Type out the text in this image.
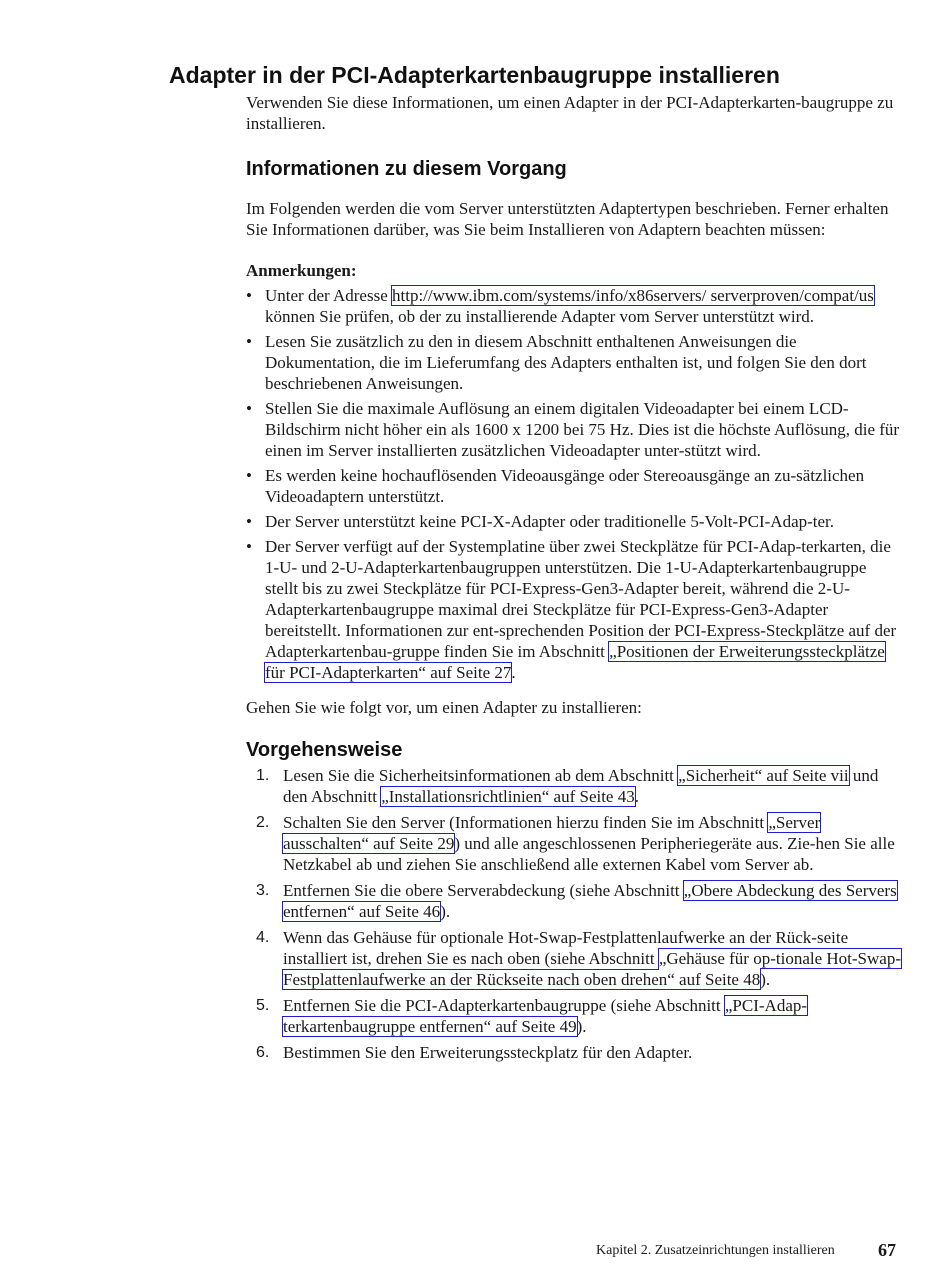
Adapter in der PCI-Adapterkartenbaugruppe installieren

Verwenden Sie diese Informationen, um einen Adapter in der PCI-Adapterkarten-baugruppe zu installieren.

Informationen zu diesem Vorgang

Im Folgenden werden die vom Server unterstützten Adaptertypen beschrieben. Ferner erhalten Sie Informationen darüber, was Sie beim Installieren von Adaptern beachten müssen:

Anmerkungen:
• Unter der Adresse http://www.ibm.com/systems/info/x86servers/ serverproven/compat/us können Sie prüfen, ob der zu installierende Adapter vom Server unterstützt wird.
• Lesen Sie zusätzlich zu den in diesem Abschnitt enthaltenen Anweisungen die Dokumentation, die im Lieferumfang des Adapters enthalten ist, und folgen Sie den dort beschriebenen Anweisungen.
• Stellen Sie die maximale Auflösung an einem digitalen Videoadapter bei einem LCD-Bildschirm nicht höher ein als 1600 x 1200 bei 75 Hz. Dies ist die höchste Auflösung, die für einen im Server installierten zusätzlichen Videoadapter unter-stützt wird.
• Es werden keine hochauflösenden Videoausgänge oder Stereoausgänge an zu-sätzlichen Videoadaptern unterstützt.
• Der Server unterstützt keine PCI-X-Adapter oder traditionelle 5-Volt-PCI-Adap-ter.
• Der Server verfügt auf der Systemplatine über zwei Steckplätze für PCI-Adap-terkarten, die 1-U- und 2-U-Adapterkartenbaugruppen unterstützen. Die 1-U-Adapterkartenbaugruppe stellt bis zu zwei Steckplätze für PCI-Express-Gen3-Adapter bereit, während die 2-U-Adapterkartenbaugruppe maximal drei Steckplätze für PCI-Express-Gen3-Adapter bereitstellt. Informationen zur ent-sprechenden Position der PCI-Express-Steckplätze auf der Adapterkartenbau-gruppe finden Sie im Abschnitt „Positionen der Erweiterungssteckplätze für PCI-Adapterkarten“ auf Seite 27.

Gehen Sie wie folgt vor, um einen Adapter zu installieren:

Vorgehensweise
1. Lesen Sie die Sicherheitsinformationen ab dem Abschnitt „Sicherheit“ auf Seite vii und den Abschnitt „Installationsrichtlinien“ auf Seite 43.
2. Schalten Sie den Server (Informationen hierzu finden Sie im Abschnitt „Server ausschalten“ auf Seite 29) und alle angeschlossenen Peripheriegeräte aus. Zie-hen Sie alle Netzkabel ab und ziehen Sie anschließend alle externen Kabel vom Server ab.
3. Entfernen Sie die obere Serverabdeckung (siehe Abschnitt „Obere Abdeckung des Servers entfernen“ auf Seite 46).
4. Wenn das Gehäuse für optionale Hot-Swap-Festplattenlaufwerke an der Rück-seite installiert ist, drehen Sie es nach oben (siehe Abschnitt „Gehäuse für op-tionale Hot-Swap-Festplattenlaufwerke an der Rückseite nach oben drehen“ auf Seite 48).
5. Entfernen Sie die PCI-Adapterkartenbaugruppe (siehe Abschnitt „PCI-Adap-terkartenbaugruppe entfernen“ auf Seite 49).
6. Bestimmen Sie den Erweiterungssteckplatz für den Adapter.
Kapitel 2. Zusatzeinrichtungen installieren 67
